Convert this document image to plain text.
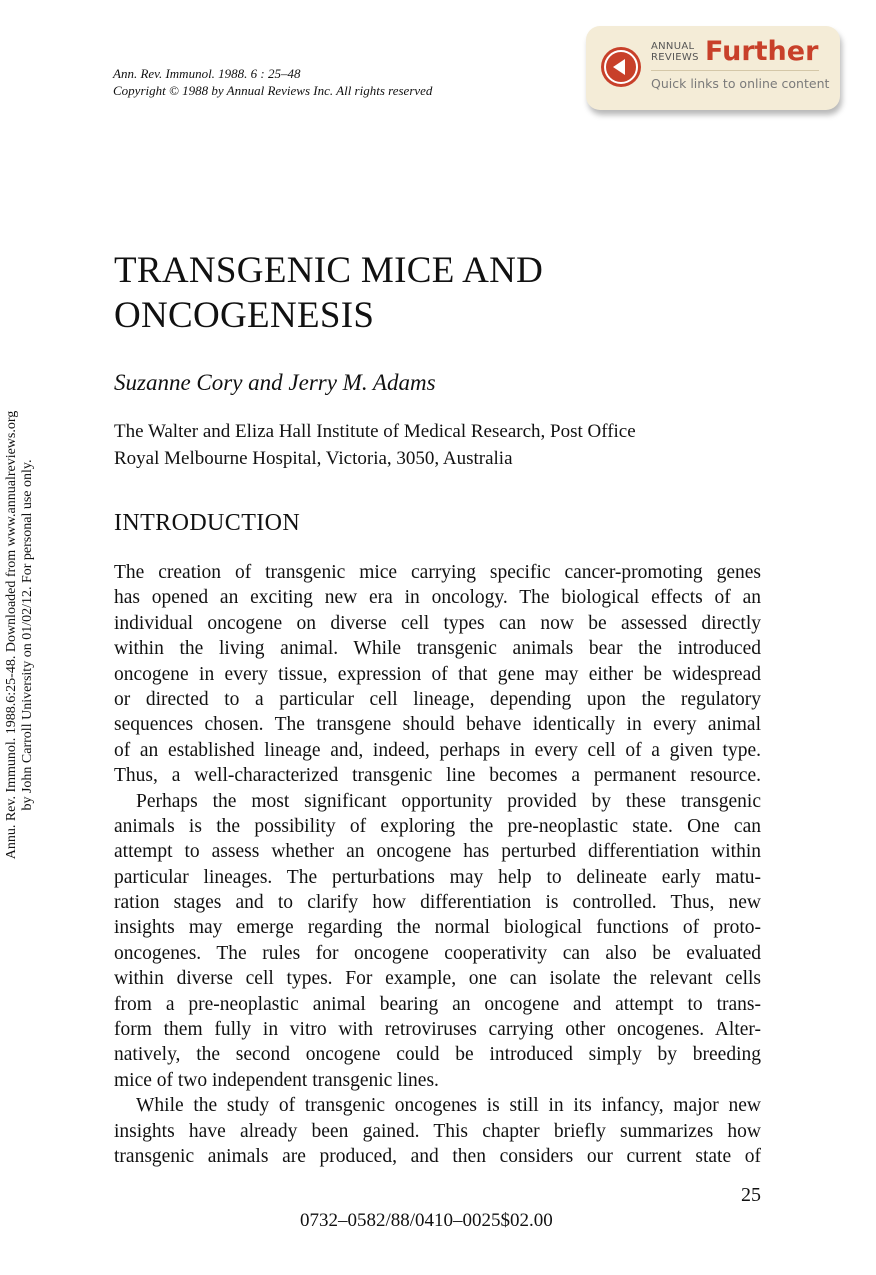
Ann. Rev. Immunol. 1988. 6 : 25–48
Copyright © 1988 by Annual Reviews Inc. All rights reserved
ANNUAL
REVIEWS Further
Quick links to online content
Annu. Rev. Immunol. 1988.6:25-48. Downloaded from www.annualreviews.org by John Carroll University on 01/02/12. For personal use only.
TRANSGENIC MICE AND
ONCOGENESIS
Suzanne Cory and Jerry M. Adams
The Walter and Eliza Hall Institute of Medical Research, Post Office
Royal Melbourne Hospital, Victoria, 3050, Australia
INTRODUCTION

The creation of transgenic mice carrying specific cancer-promoting genes
has opened an exciting new era in oncology. The biological effects of an
individual oncogene on diverse cell types can now be assessed directly
within the living animal. While transgenic animals bear the introduced
oncogene in every tissue, expression of that gene may either be widespread
or directed to a particular cell lineage, depending upon the regulatory
sequences chosen. The transgene should behave identically in every animal
of an established lineage and, indeed, perhaps in every cell of a given type.
Thus, a well-characterized transgenic line becomes a permanent resource.

Perhaps the most significant opportunity provided by these transgenic
animals is the possibility of exploring the pre-neoplastic state. One can
attempt to assess whether an oncogene has perturbed differentiation within
particular lineages. The perturbations may help to delineate early matu-
ration stages and to clarify how differentiation is controlled. Thus, new
insights may emerge regarding the normal biological functions of proto-
oncogenes. The rules for oncogene cooperativity can also be evaluated
within diverse cell types. For example, one can isolate the relevant cells
from a pre-neoplastic animal bearing an oncogene and attempt to trans-
form them fully in vitro with retroviruses carrying other oncogenes. Alter-
natively, the second oncogene could be introduced simply by breeding
mice of two independent transgenic lines.

While the study of transgenic oncogenes is still in its infancy, major new
insights have already been gained. This chapter briefly summarizes how
transgenic animals are produced, and then considers our current state of

25
0732–0582/88/0410–0025$02.00
